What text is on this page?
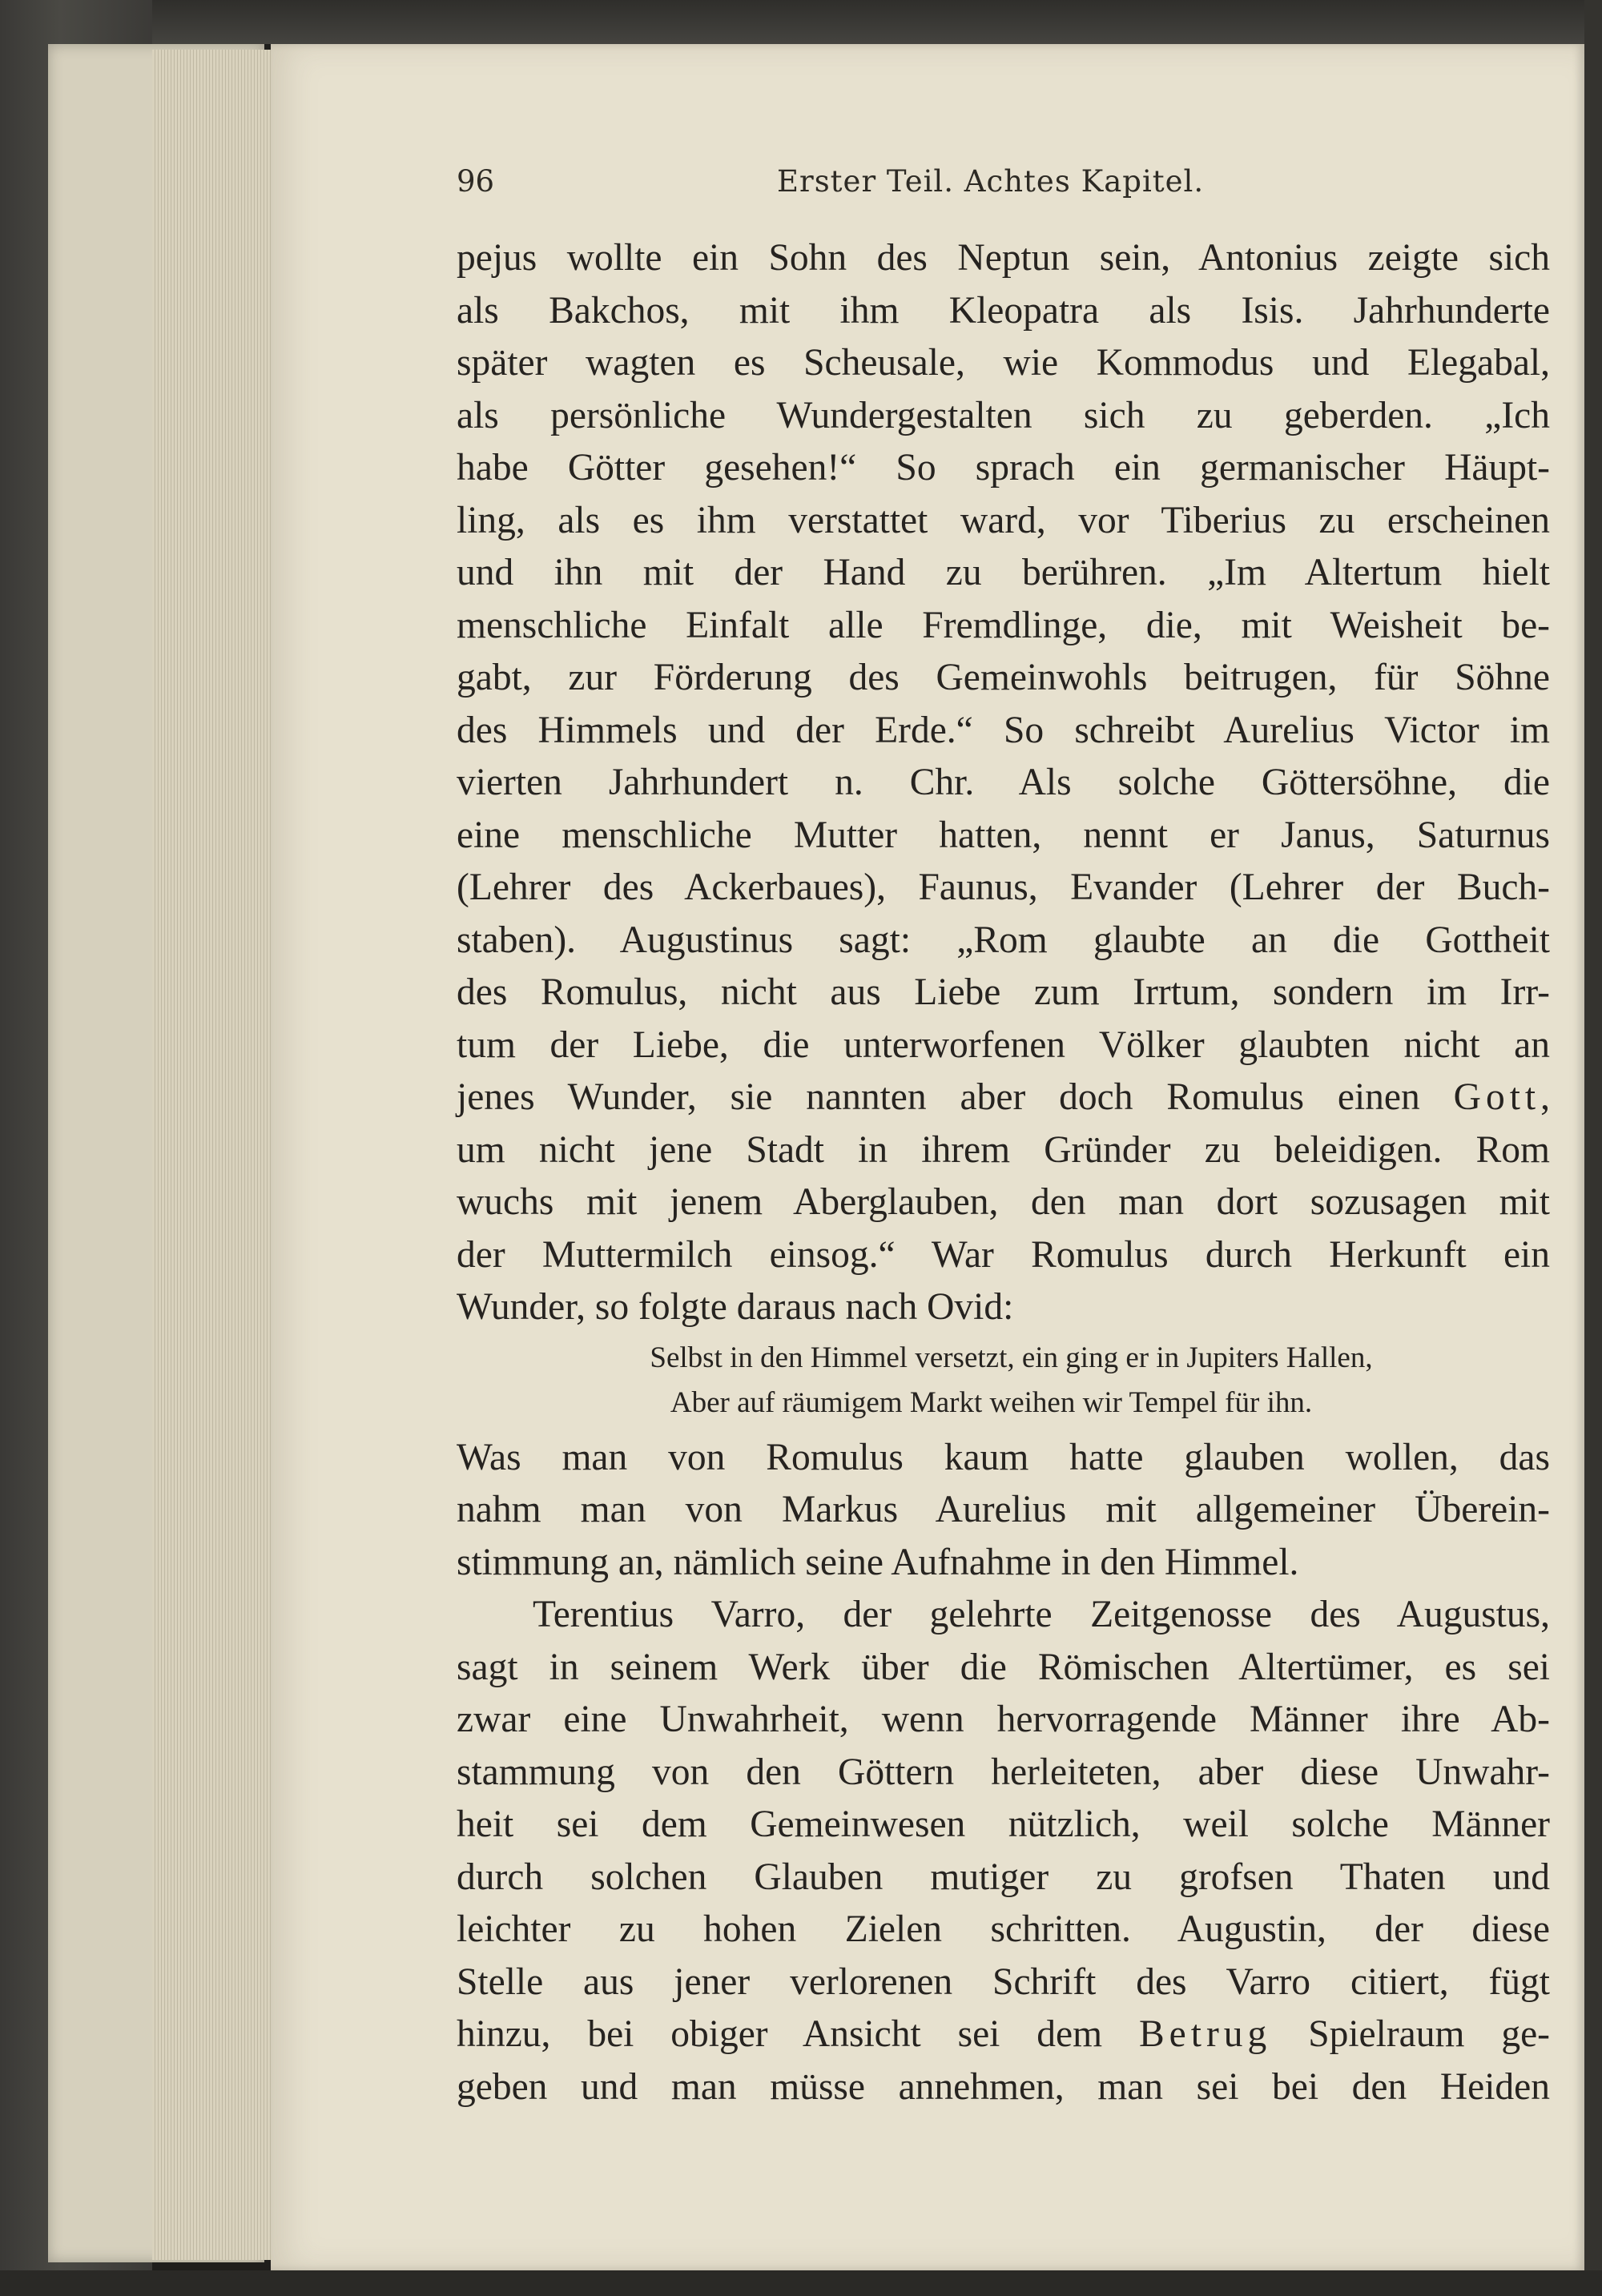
96	Erster Teil. Achtes Kapitel.
pejus wollte ein Sohn des Neptun sein, Antonius zeigte sich
als Bakchos, mit ihm Kleopatra als Isis. Jahrhunderte
später wagten es Scheusale, wie Kommodus und Elegabal,
als persönliche Wundergestalten sich zu geberden. „Ich
habe Götter gesehen!“ So sprach ein germanischer Häupt-
ling, als es ihm verstattet ward, vor Tiberius zu erscheinen
und ihn mit der Hand zu berühren. „Im Altertum hielt
menschliche Einfalt alle Fremdlinge, die, mit Weisheit be-
gabt, zur Förderung des Gemeinwohls beitrugen, für Söhne
des Himmels und der Erde.“ So schreibt Aurelius Victor im
vierten Jahrhundert n. Chr. Als solche Göttersöhne, die
eine menschliche Mutter hatten, nennt er Janus, Saturnus
(Lehrer des Ackerbaues), Faunus, Evander (Lehrer der Buch-
staben). Augustinus sagt: „Rom glaubte an die Gottheit
des Romulus, nicht aus Liebe zum Irrtum, sondern im Irr-
tum der Liebe, die unterworfenen Völker glaubten nicht an
jenes Wunder, sie nannten aber doch Romulus einen Gott,
um nicht jene Stadt in ihrem Gründer zu beleidigen. Rom
wuchs mit jenem Aberglauben, den man dort sozusagen mit
der Muttermilch einsog.“ War Romulus durch Herkunft ein
Wunder, so folgte daraus nach Ovid:
Selbst in den Himmel versetzt, ein ging er in Jupiters Hallen,
Aber auf räumigem Markt weihen wir Tempel für ihn.
Was man von Romulus kaum hatte glauben wollen, das
nahm man von Markus Aurelius mit allgemeiner Überein-
stimmung an, nämlich seine Aufnahme in den Himmel.
Terentius Varro, der gelehrte Zeitgenosse des Augustus,
sagt in seinem Werk über die Römischen Altertümer, es sei
zwar eine Unwahrheit, wenn hervorragende Männer ihre Ab-
stammung von den Göttern herleiteten, aber diese Unwahr-
heit sei dem Gemeinwesen nützlich, weil solche Männer
durch solchen Glauben mutiger zu grofsen Thaten und
leichter zu hohen Zielen schritten. Augustin, der diese
Stelle aus jener verlorenen Schrift des Varro citiert, fügt
hinzu, bei obiger Ansicht sei dem Betrug Spielraum ge-
geben und man müsse annehmen, man sei bei den Heiden
